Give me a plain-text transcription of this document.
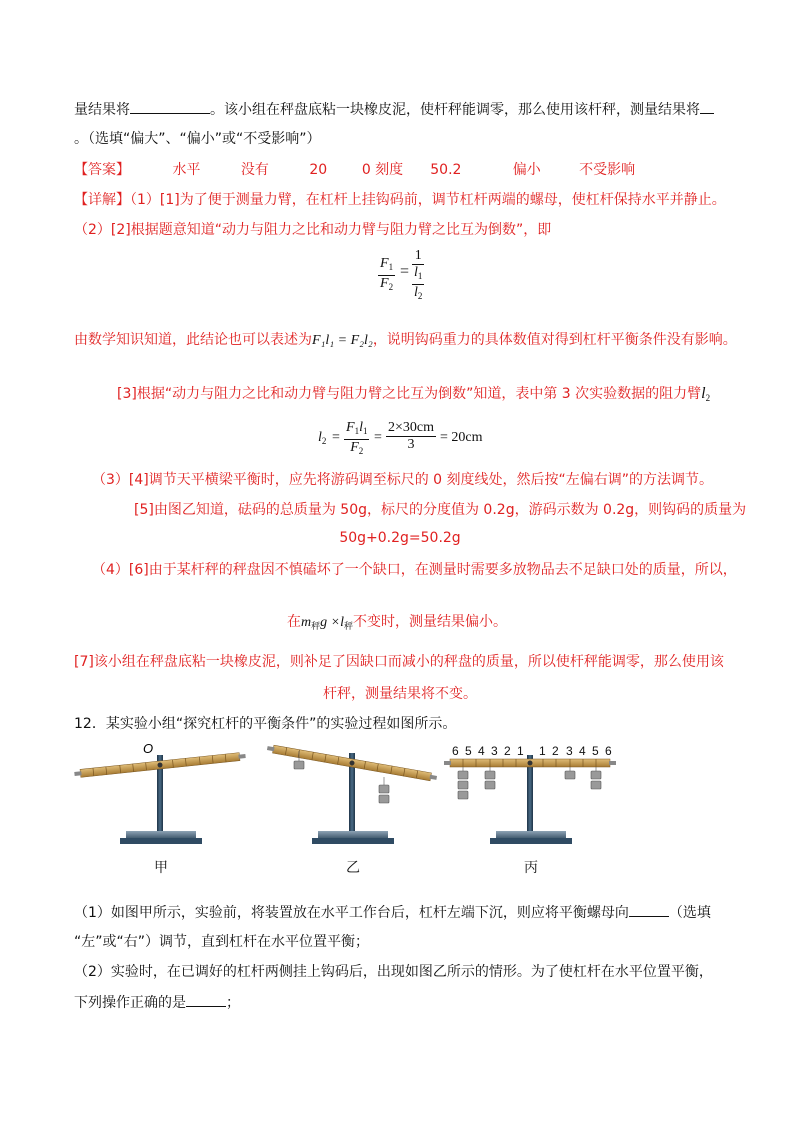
量结果将	。该小组在秤盘底粘一块橡皮泥，使杆秤能调零，那么使用该杆秤，测量结果将
。（选填“偏大”、“偏小”或“不受影响”）
【答案】	水平	没有	20 0 刻度 50.2	偏小	不受影响
【详解】（1）[1]为了便于测量力臂，在杠杆上挂钩码前，调节杠杆两端的螺母，使杠杆保持水平并静止。
（2）[2]根据题意知道“动力与阻力之比和动力臂与阻力臂之比互为倒数”，即
$\frac{F_1}{F_2}$ =
1
$l_1$
$l_2$
由数学知识知道，此结论也可以表述为F₁l₁ = F₂l₂，说明钩码重力的具体数值对得到杠杆平衡条件没有影响。
[3]根据“动力与阻力之比和动力臂与阻力臂之比互为倒数”知道，表中第 3 次实验数据的阻力臂$l_2$
$l_2 = \frac{F_1l_1}{F_2} = \frac{2\times 30cm}{3} = 20cm$
（3）[4]调节天平横梁平衡时，应先将游码调至标尺的 0 刻度线处，然后按“左偏右调”的方法调节。
[5]由图乙知道，砝码的总质量为 50g，标尺的分度值为 0.2g，游码示数为 0.2g，则钩码的质量为
50g+0.2g=50.2g
（4）[6]由于某杆秤的秤盘因不慎磕坏了一个缺口，在测量时需要多放物品去不足缺口处的质量，所以，
在$m_秤g \times l_秤$不变时，测量结果偏小。
[7]该小组在秤盘底粘一块橡皮泥，则补足了因缺口而减小的秤盘的质量，所以使杆秤能调零，那么使用该
杆秤，测量结果将不变。
12．某实验小组“探究杠杆的平衡条件”的实验过程如图所示。
O	6 5 4 3 2 1 1 2 3 4 5 6
甲	乙	丙
（1）如图甲所示，实验前，将装置放在水平工作台后，杠杆左端下沉，则应将平衡螺母向	（选填
“左”或“右”）调节，直到杠杆在水平位置平衡；
（2）实验时，在已调好的杠杆两侧挂上钩码后，出现如图乙所示的情形。为了使杠杆在水平位置平衡，
下列操作正确的是	；
